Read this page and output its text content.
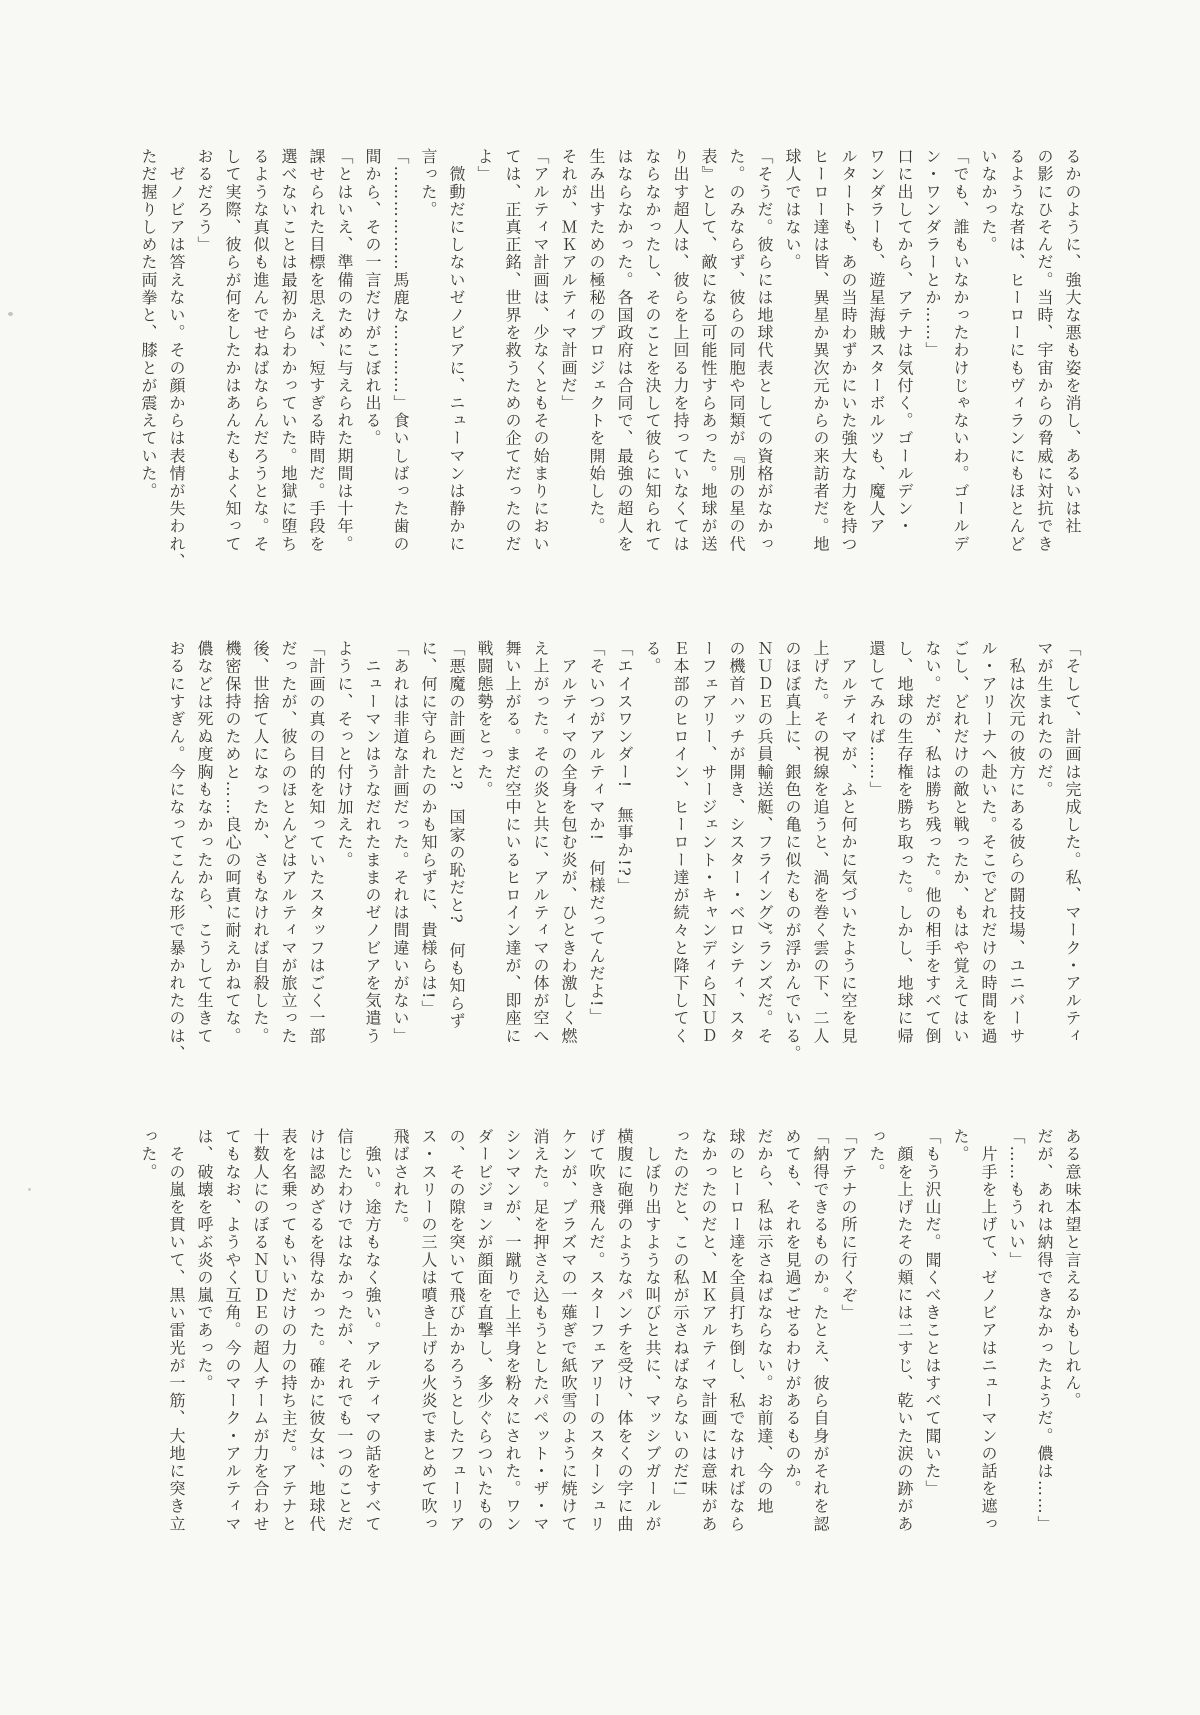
るかのように、強大な悪も姿を消し、あるいは社

の影にひそんだ。当時、宇宙からの脅威に対抗でき

るような者は、ヒーローにもヴィランにもほとんど

いなかった。

「でも、誰もいなかったわけじゃないわ。ゴールデ

ン・ワンダラーとか……」

口に出してから、アテナは気付く。ゴールデン・

ワンダラーも、遊星海賊スターボルツも、魔人ア

ルタートも、あの当時わずかにいた強大な力を持つ

ヒーロー達は皆、異星か異次元からの来訪者だ。地

球人ではない。

「そうだ。彼らには地球代表としての資格がなかっ

た。のみならず、彼らの同胞や同類が『別の星の代

表』として、敵になる可能性すらあった。地球が送

り出す超人は、彼らを上回る力を持っていなくては

ならなかったし、そのことを決して彼らに知られて

はならなかった。各国政府は合同で、最強の超人を

生み出すための極秘のプロジェクトを開始した。

それが、ＭＫアルティマ計画だ」

「アルティマ計画は、少なくともその始まりにおい

ては、正真正銘、世界を救うための企てだったのだ

よ」

　微動だにしないゼノビアに、ニューマンは静かに

言った。

「………………馬鹿な…………」食いしばった歯の

間から、その一言だけがこぼれ出る。

「とはいえ、準備のために与えられた期間は十年。

課せられた目標を思えば、短すぎる時間だ。手段を

選べないことは最初からわかっていた。地獄に堕ち

るような真似も進んでせねばならんだろうとな。そ

して実際、彼らが何をしたかはあんたもよく知って

おるだろう」

　ゼノビアは答えない。その顔からは表情が失われ、

ただ握りしめた両拳と、膝とが震えていた。

「そして、計画は完成した。私、マーク・アルティ

マが生まれたのだ。

　私は次元の彼方にある彼らの闘技場、ユニバーサ

ル・アリーナへ赴いた。そこでどれだけの時間を過

ごし、どれだけの敵と戦ったか、もはや覚えてはい

ない。だが、私は勝ち残った。他の相手をすべて倒

し、地球の生存権を勝ち取った。しかし、地球に帰

還してみれば……」

　アルティマが、ふと何かに気づいたように空を見

上げた。その視線を追うと、渦を巻く雲の下、二人

のほぼ真上に、銀色の亀に似たものが浮かんでいる。

ＮＵＤＥの兵員輸送艇、フライングｸﾞランズだ。そ

の機首ハッチが開き、シスター・ベロシティ、スタ

ーフェアリー、サージェント・キャンディらＮＵＤ

Ｅ本部のヒロイン、ヒーロー達が続々と降下してく

る。

「エイスワンダー!　無事か!?」

「そいつがアルティマか!　何様だってんだよ!」

　アルティマの全身を包む炎が、ひときわ激しく燃

え上がった。その炎と共に、アルティマの体が空へ

舞い上がる。まだ空中にいるヒロイン達が、即座に

戦闘態勢をとった。

「悪魔の計画だと?　国家の恥だと?　何も知らず

に、何に守られたのかも知らずに、貴様らは!」

「あれは非道な計画だった。それは間違いがない」

　ニューマンはうなだれたままのゼノビアを気遣う

ように、そっと付け加えた。

「計画の真の目的を知っていたスタッフはごく一部

だったが、彼らのほとんどはアルティマが旅立った

後、世捨て人になったか、さもなければ自殺した。

機密保持のためと……良心の呵責に耐えかねてな。

儂などは死ぬ度胸もなかったから、こうして生きて

おるにすぎん。今になってこんな形で暴かれたのは、

ある意味本望と言えるかもしれん。

だが、あれは納得できなかったようだ。儂は……」

「……もういい」

　片手を上げて、ゼノビアはニューマンの話を遮っ

た。

「もう沢山だ。聞くべきことはすべて聞いた」

　顔を上げたその頬には二すじ、乾いた涙の跡があ

った。

「アテナの所に行くぞ」

「納得できるものか。たとえ、彼ら自身がそれを認

めても、それを見過ごせるわけがあるものか。

だから、私は示さねばならない。お前達、今の地

球のヒーロー達を全員打ち倒し、私でなければなら

なかったのだと、ＭＫアルティマ計画には意味があ

ったのだと、この私が示さねばならないのだ!」

　しぼり出すような叫びと共に、マッシブガールが

横腹に砲弾のようなパンチを受け、体をくの字に曲

げて吹き飛んだ。スターフェアリーのスターシュリ

ケンが、プラズマの一薙ぎで紙吹雪のように焼けて

消えた。足を押さえ込もうとしたパペット・ザ・マ

シンマンが、一蹴りで上半身を粉々にされた。ワン

ダービジョンが顔面を直撃し、多少ぐらついたもの

の、その隙を突いて飛びかかろうとしたフューリア

ス・スリーの三人は噴き上げる火炎でまとめて吹っ

飛ばされた。

　強い。途方もなく強い。アルティマの話をすべて

信じたわけではなかったが、それでも一つのことだ

けは認めざるを得なかった。確かに彼女は、地球代

表を名乗ってもいいだけの力の持ち主だ。アテナと

十数人にのぼるＮＵＤＥの超人チームが力を合わせ

てもなお、ようやく互角。今のマーク・アルティマ

は、破壊を呼ぶ炎の嵐であった。

　その嵐を貫いて、黒い雷光が一筋、大地に突き立

った。
